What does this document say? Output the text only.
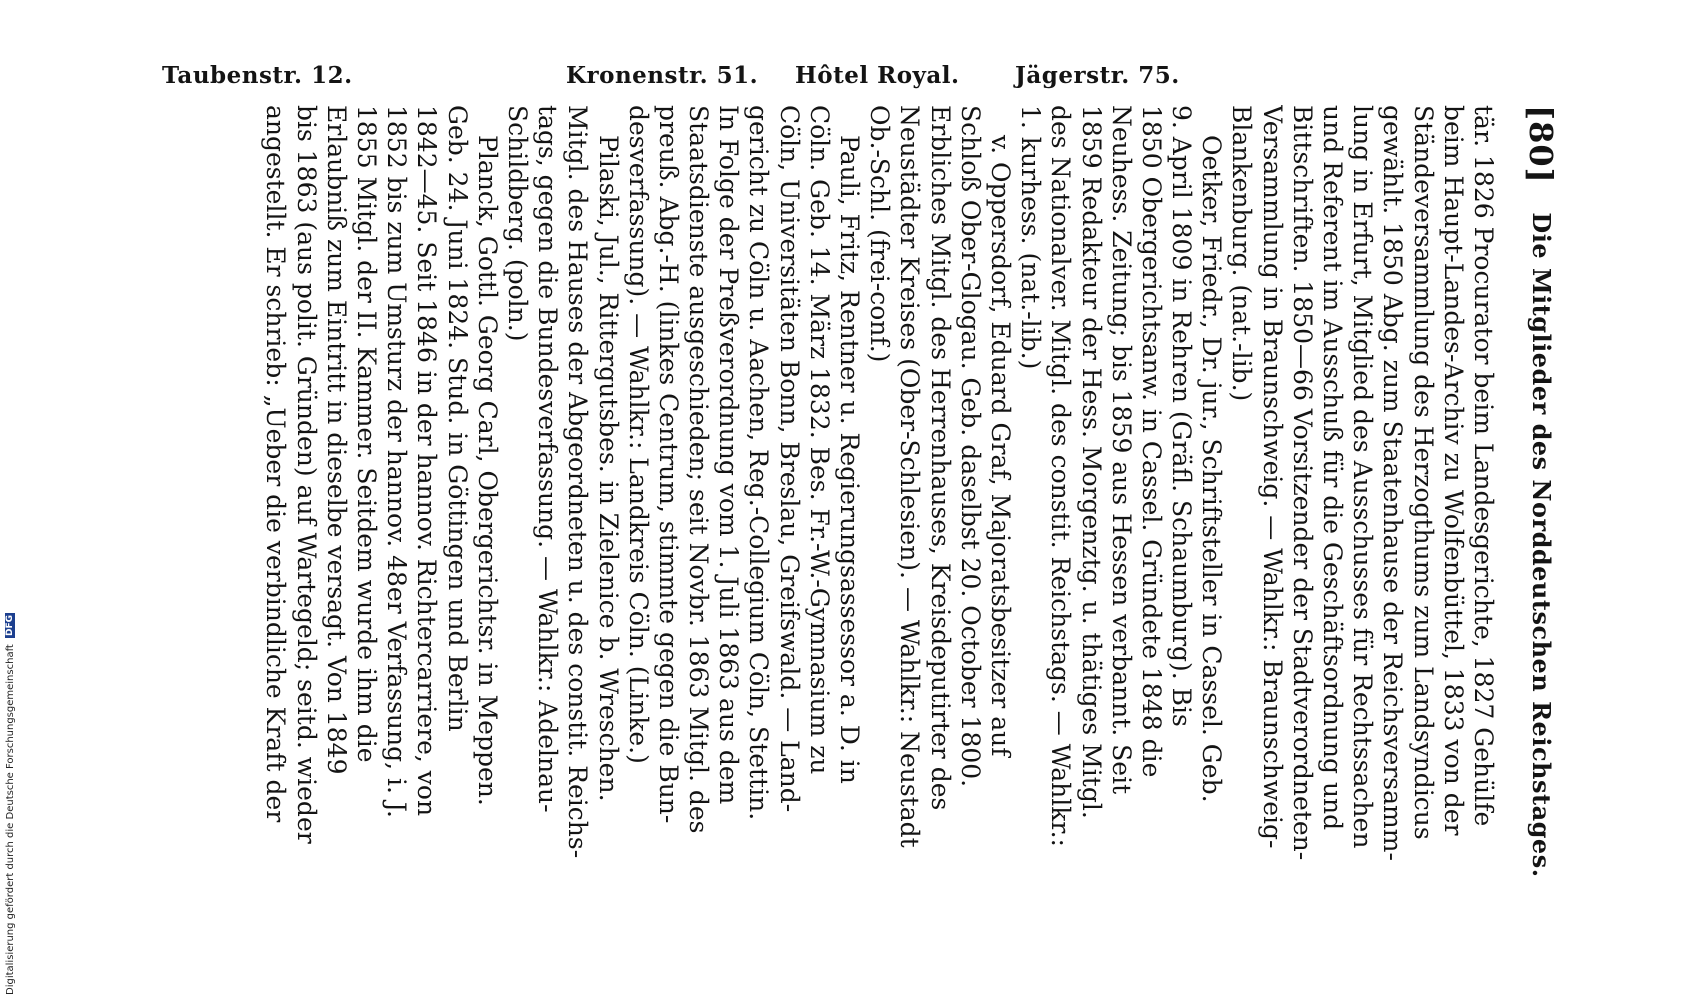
Taubenstr. 12.	Kronenstr. 51. Hôtel Royal. Jägerstr. 75.
[80]
Die Mitglieder des Norddeutschen Reichstages.
tär. 1826 Procurator beim Landesgerichte, 1827 Gehülfe
beim Haupt-Landes-Archiv zu Wolfenbüttel, 1833 von der
Ständeversammlung des Herzogthums zum Landsyndicus
gewählt. 1850 Abg. zum Staatenhause der Reichsversamm-
lung in Erfurt, Mitglied des Ausschusses für Rechtssachen
und Referent im Ausschuß für die Geschäftsordnung und
Bittschriften. 1850—66 Vorsitzender der Stadtverordneten-
Versammlung in Braunschweig. — Wahlkr.: Braunschweig-
Blankenburg. (nat.-lib.)
Oetker, Friedr., Dr. jur., Schriftsteller in Cassel. Geb.
9. April 1809 in Rehren (Gräfl. Schaumburg). Bis
1850 Obergerichtsanw. in Cassel. Gründete 1848 die
Neuhess. Zeitung; bis 1859 aus Hessen verbannt. Seit
1859 Redakteur der Hess. Morgenztg. u. thätiges Mitgl.
des Nationalver. Mitgl. des constit. Reichstags. — Wahlkr.:
1. kurhess. (nat.-lib.)
v. Oppersdorf, Eduard Graf, Majoratsbesitzer auf
Schloß Ober-Glogau. Geb. daselbst 20. October 1800.
Erbliches Mitgl. des Herrenhauses, Kreisdeputirter des
Neustädter Kreises (Ober-Schlesien). — Wahlkr.: Neustadt
Ob.-Schl. (frei-conf.)
Pauli, Fritz, Rentner u. Regierungsassessor a. D. in
Cöln. Geb. 14. März 1832. Bes. Fr.-W.-Gymnasium zu
Cöln, Universitäten Bonn, Breslau, Greifswald. — Land-
gericht zu Cöln u. Aachen, Reg.-Collegium Cöln, Stettin.
In Folge der Preßverordnung vom 1. Juli 1863 aus dem
Staatsdienste ausgeschieden; seit Novbr. 1863 Mitgl. des
preuß. Abg.-H. (linkes Centrum, stimmte gegen die Bun-
desverfassung). — Wahlkr.: Landkreis Cöln. (Linke.)
Pilaski, Jul., Rittergutsbes. in Zielenice b. Wreschen.
Mitgl. des Hauses der Abgeordneten u. des constit. Reichs-
tags, gegen die Bundesverfassung. — Wahlkr.: Adelnau-
Schildberg. (poln.)
Planck, Gottl. Georg Carl, Obergerichtsr. in Meppen.
Geb. 24. Juni 1824. Stud. in Göttingen und Berlin
1842—45. Seit 1846 in der hannov. Richtercarriere, von
1852 bis zum Umsturz der hannov. 48er Verfassung, i. J.
1855 Mitgl. der II. Kammer. Seitdem wurde ihm die
Erlaubniß zum Eintritt in dieselbe versagt. Von 1849
bis 1863 (aus polit. Gründen) auf Wartegeld; seitd. wieder
angestellt. Er schrieb: „Ueber die verbindliche Kraft der
Digitalisierung gefördert durch die Deutsche Forschungsgemeinschaft DFG
